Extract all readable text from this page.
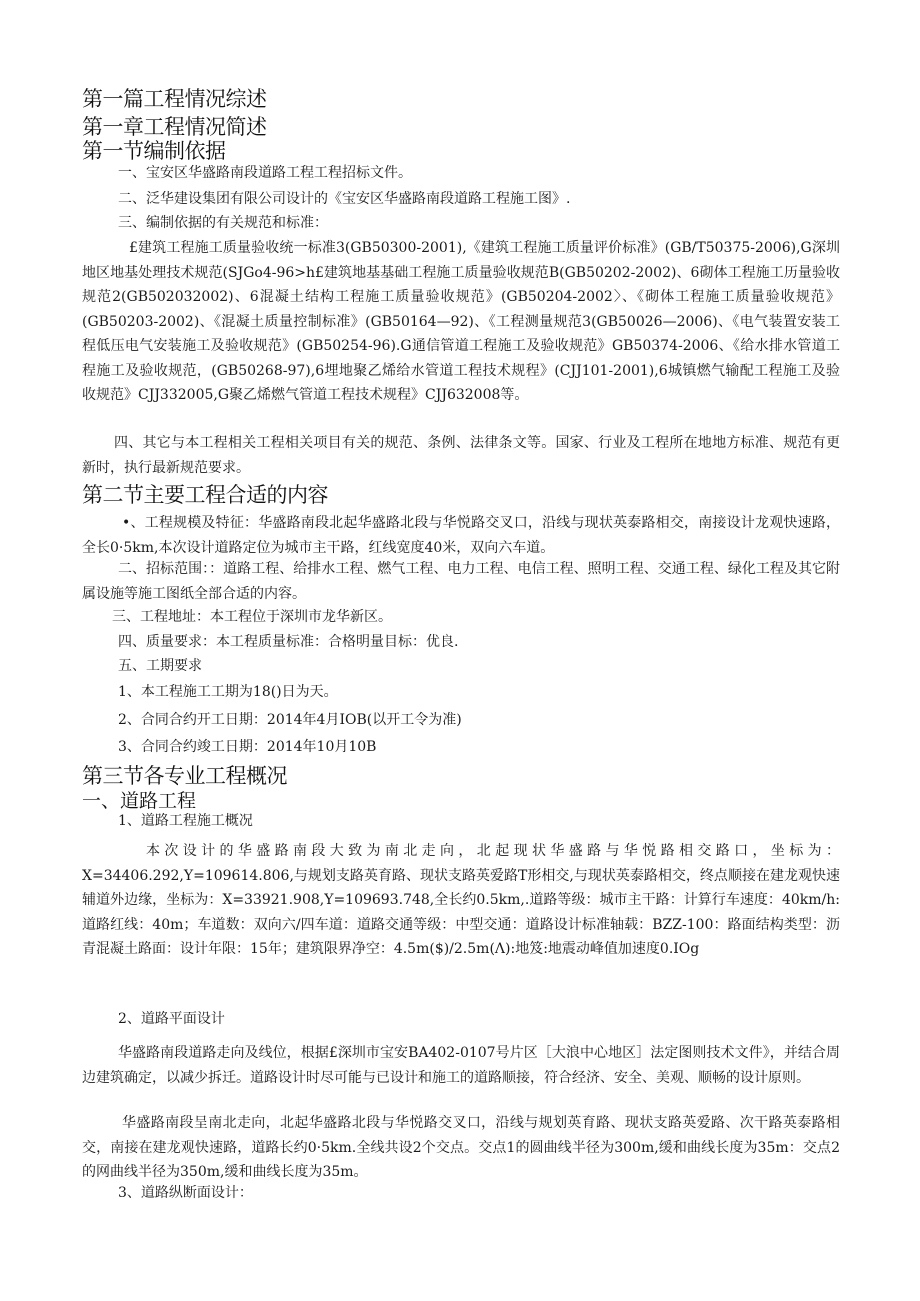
第一篇工程情况综述
第一章工程情况简述
第一节编制依据
一、宝安区华盛路南段道路工程工程招标文件。
二、泛华建设集团有限公司设计的《宝安区华盛路南段道路工程施工图》.
三、编制依据的有关规范和标准：
£建筑工程施工质量验收统一标准3(GB50300-2001),《建筑工程施工质量评价标准》(GB/T50375-2006),G深圳地区地基处理技术规范(SJGo4-96>h£建筑地基基础工程施工质量验收规范B(GB50202-2002)、6砌体工程施工历量验收规范2(GB502032002)、6混凝土结构工程施工质量验收规范》(GB50204-2002〉、《砌体工程施工质量验收规范》(GB50203-2002)、《混凝土质量控制标准》(GB50164—92)、《工程测量规范3(GB50026—2006)、《电气装置安装工程低压电气安装施工及验收规范》(GB50254-96).G通信管道工程施工及验收规范》GB50374-2006、《给水排水管道工程施工及验收规范，(GB50268-97),6埋地聚乙烯给水管道工程技术规程》(CJJ101-2001),6城镇燃气输配工程施工及验收规范》CJJ332005,G聚乙烯燃气管道工程技术规程》CJJ632008等。
四、其它与本工程相关工程相关项目有关的规范、条例、法律条文等。国家、行业及工程所在地地方标准、规范有更新时，执行最新规范要求。
第二节主要工程合适的内容
•、工程规模及特征：华盛路南段北起华盛路北段与华悦路交叉口，沿线与现状英泰路相交，南接设计龙观快速路，全长0·5km,本次设计道路定位为城市主干路，红线宽度40米，双向六车道。
二、招标范围：：道路工程、给排水工程、燃气工程、电力工程、电信工程、照明工程、交通工程、绿化工程及其它附属设施等施工图纸全部合适的内容。
三、工程地址：本工程位于深圳市龙华新区。
四、质量要求：本工程质量标准：合格明量目标：优良.
五、工期要求
1、本工程施工工期为18()日为天。
2、合同合约开工日期：2014年4月IOB(以开工令为准)
3、合同合约竣工日期：2014年10月10B
第三节各专业工程概况
一、道路工程
1、道路工程施工概况
本次设计的华盛路南段大致为南北走向，北起现状华盛路与华悦路相交路口，坐标为：X=34406.292,Y=109614.806,与规划支路英育路、现状支路英爱路T形相交,与现状英泰路相交，终点顺接在建龙观快速辅道外边缘，坐标为：X=33921.908,Y=109693.748,全长约0.5km,.道路等级：城市主干路：计算行车速度：40km/h:道路红线：40m；车道数：双向六/四车道：道路交通等级：中型交通：道路设计标准轴载：BZZ-100：路面结构类型：沥青混凝土路面：设计年限：15年；建筑限界净空：4.5m($)/2.5m(Λ):地笈:地震动峰值加速度0.IOg
2、道路平面设计
华盛路南段道路走向及线位，根据£深圳市宝安BA402-0107号片区［大浪中心地区］法定图则技术文件》，并结合周边建筑确定，以减少拆迁。道路设计时尽可能与已设计和施工的道路顺接，符合经济、安全、美观、顺畅的设计原则。
华盛路南段呈南北走向，北起华盛路北段与华悦路交叉口，沿线与规划英育路、现状支路英爱路、次干路英泰路相交，南接在建龙观快速路，道路长约0·5km.全线共设2个交点。交点1的圆曲线半径为300m,缓和曲线长度为35m：交点2的网曲线半径为350m,缓和曲线长度为35m。
3、道路纵断面设计：
